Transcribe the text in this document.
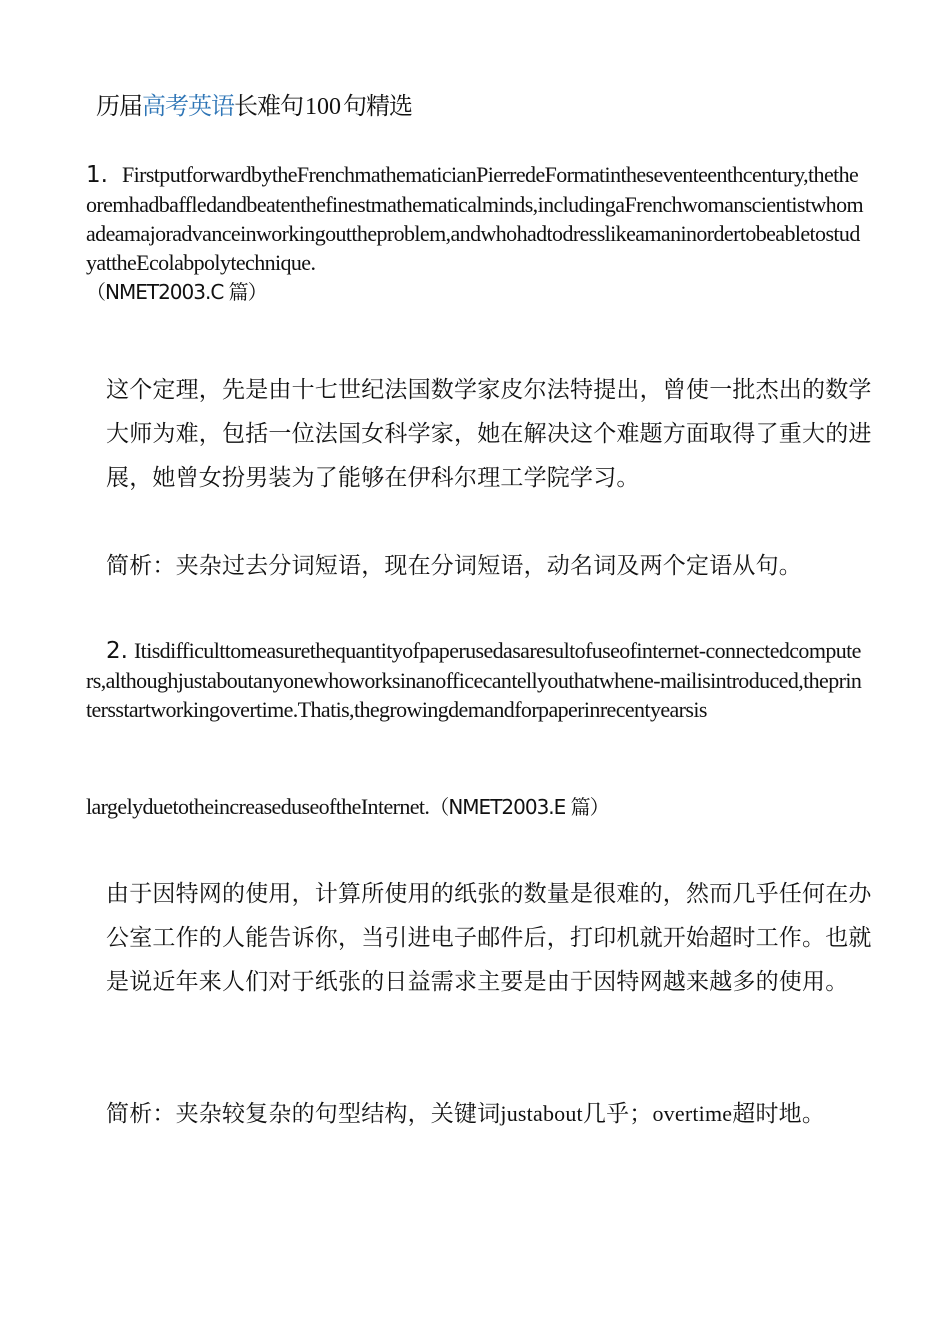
历届高考英语长难句100句精选
1. FirstputforwardbytheFrenchmathematicianPierredeFormatintheseventeenthcentury,thetheoremhadbaffledandbeatenthefinestmathematicalminds,includingaFrenchwomanscientistwhomadeamajoradvanceinworkingouttheproblem,andwhohadtodresslikeamaninordertobeabletostudyattheEcolabpolytechnique.
（NMET2003.C 篇）
这个定理，先是由十七世纪法国数学家皮尔法特提出，曾使一批杰出的数学大师为难，包括一位法国女科学家，她在解决这个难题方面取得了重大的进展，她曾女扮男装为了能够在伊科尔理工学院学习。
简析：夹杂过去分词短语，现在分词短语，动名词及两个定语从句。
2. Itisdifficulttomeasurethequantityofpaperusedasaresultofuseofinternet-connectedcomputers,althoughjustaboutanyonewhoworksinanofficecantellyouthatwhene-mailisintroduced,theprintersstartworkingovertime.Thatis,thegrowingdemandforpaperinrecentyearsis
largelyduetotheincreaseduseoftheInternet.（NMET2003.E 篇）
由于因特网的使用，计算所使用的纸张的数量是很难的，然而几乎任何在办公室工作的人能告诉你，当引进电子邮件后，打印机就开始超时工作。也就是说近年来人们对于纸张的日益需求主要是由于因特网越来越多的使用。
简析：夹杂较复杂的句型结构，关键词justabout几乎；overtime超时地。
